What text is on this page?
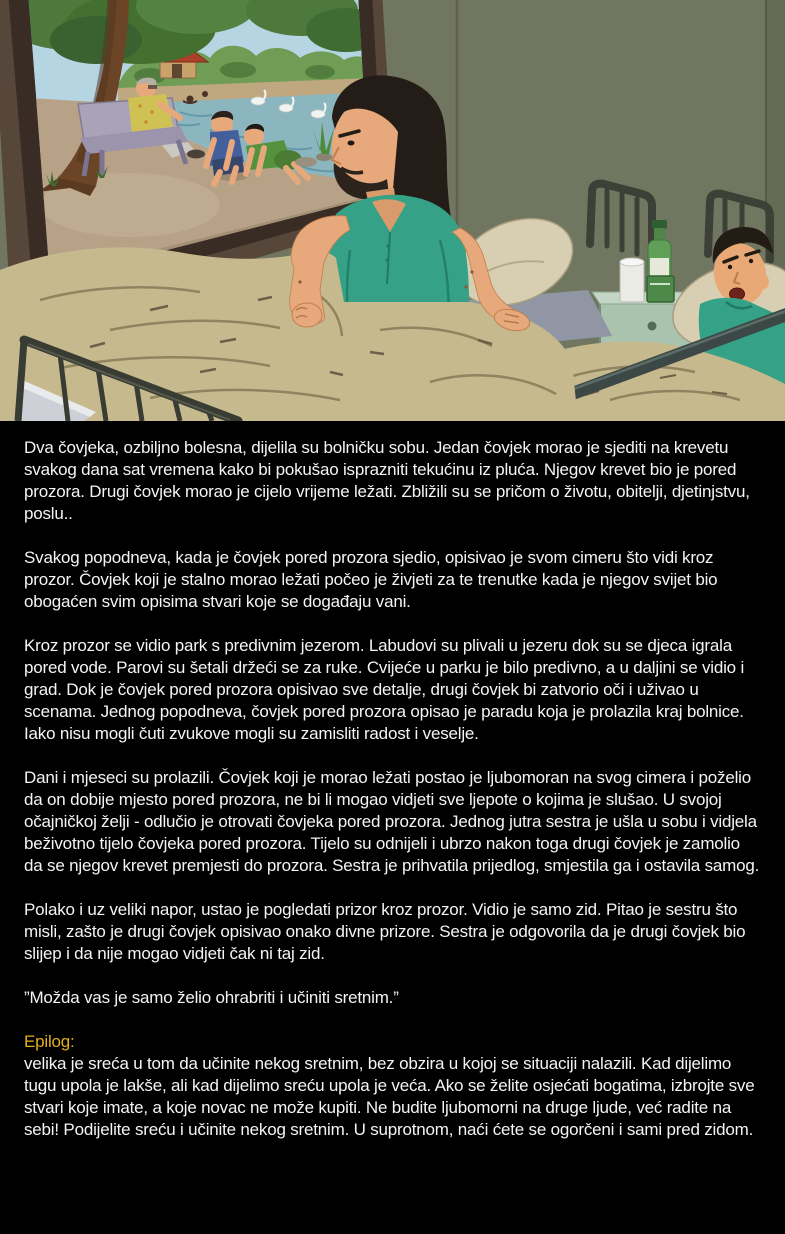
Dva čovjeka, ozbiljno bolesna, dijelila su bolničku sobu. Jedan čovjek morao je sjediti na krevetu svakog dana sat vremena kako bi pokušao isprazniti tekućinu iz pluća. Njegov krevet bio je pored prozora. Drugi čovjek morao je cijelo vrijeme ležati. Zbližili su se pričom o životu, obitelji, djetinjstvu, poslu..

Svakog popodneva, kada je čovjek pored prozora sjedio, opisivao je svom cimeru što vidi kroz prozor. Čovjek koji je stalno morao ležati počeo je živjeti za te trenutke kada je njegov svijet bio obogaćen svim opisima stvari koje se događaju vani.

Kroz prozor se vidio park s predivnim jezerom. Labudovi su plivali u jezeru dok su se djeca igrala pored vode. Parovi su šetali držeći se za ruke. Cvijeće u parku je bilo predivno, a u daljini se vidio i grad. Dok je čovjek pored prozora opisivao sve detalje, drugi čovjek bi zatvorio oči i uživao u scenama. Jednog popodneva, čovjek pored prozora opisao je paradu koja je prolazila kraj bolnice. Iako nisu mogli čuti zvukove mogli su zamisliti radost i veselje.

Dani i mjeseci su prolazili. Čovjek koji je morao ležati postao je ljubomoran na svog cimera i poželio da on dobije mjesto pored prozora, ne bi li mogao vidjeti sve ljepote o kojima je slušao. U svojoj očajničkoj želji - odlučio je otrovati čovjeka pored prozora. Jednog jutra sestra je ušla u sobu i vidjela beživotno tijelo čovjeka pored prozora. Tijelo su odnijeli i ubrzo nakon toga drugi čovjek je zamolio da se njegov krevet premjesti do prozora. Sestra je prihvatila prijedlog, smjestila ga i ostavila samog.

Polako i uz veliki napor, ustao je pogledati prizor kroz prozor. Vidio je samo zid. Pitao je sestru što misli, zašto je drugi čovjek opisivao onako divne prizore. Sestra je odgovorila da je drugi čovjek bio slijep i da nije mogao vidjeti čak ni taj zid.

”Možda vas je samo želio ohrabriti i učiniti sretnim.”

Epilog:

velika je sreća u tom da učinite nekog sretnim, bez obzira u kojoj se situaciji nalazili. Kad dijelimo tugu upola je lakše, ali kad dijelimo sreću upola je veća. Ako se želite osjećati bogatima, izbrojte sve stvari koje imate, a koje novac ne može kupiti. Ne budite ljubomorni na druge ljude, već radite na sebi! Podijelite sreću i učinite nekog sretnim. U suprotnom, naći ćete se ogorčeni i sami pred zidom.
